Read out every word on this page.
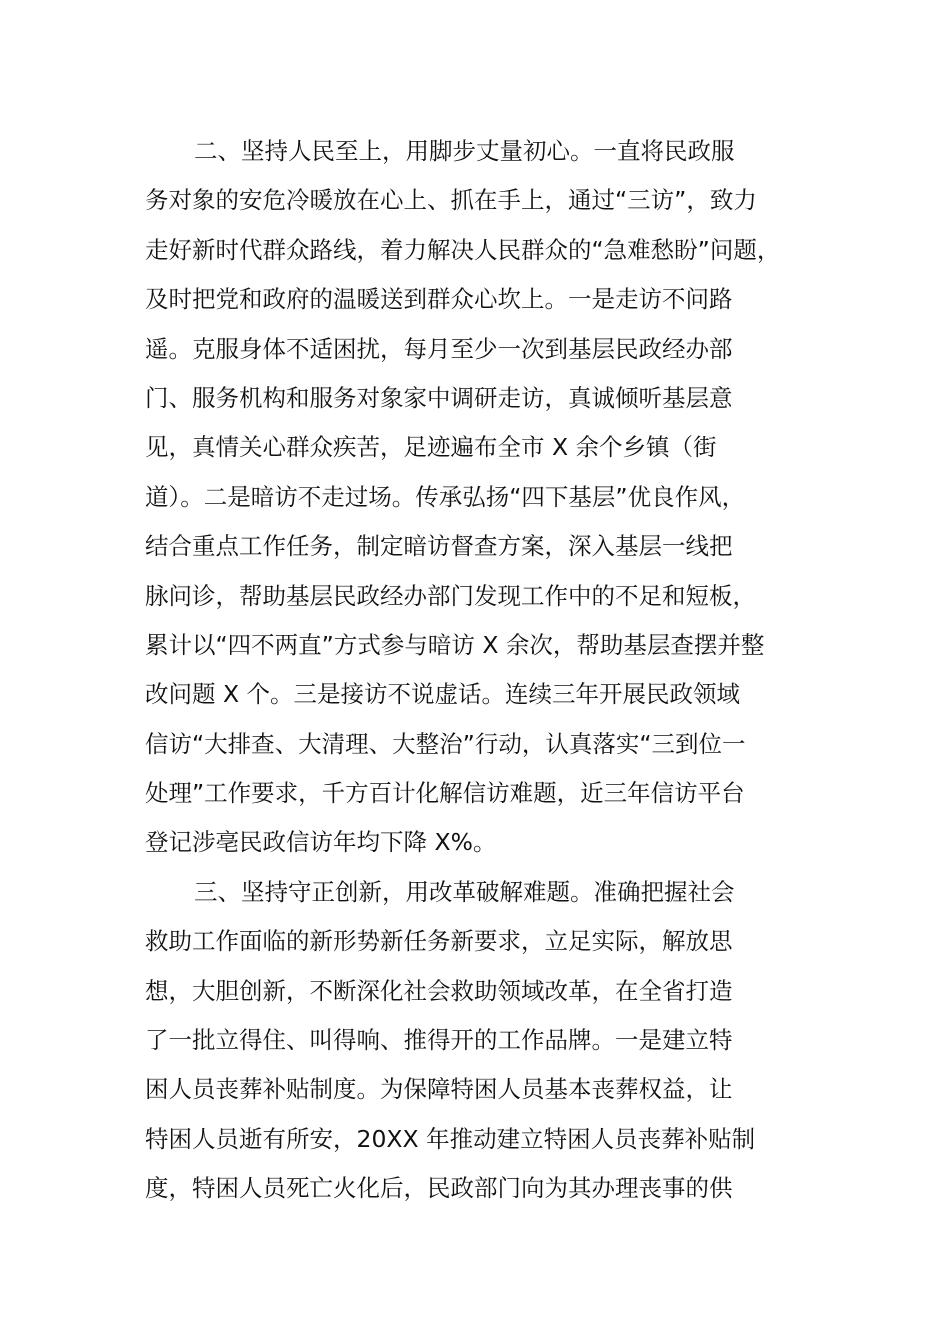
二、坚持人民至上，用脚步丈量初心。一直将民政服
务对象的安危冷暖放在心上、抓在手上，通过“三访”，致力
走好新时代群众路线，着力解决人民群众的“急难愁盼”问题，
及时把党和政府的温暖送到群众心坎上。一是走访不问路
遥。克服身体不适困扰，每月至少一次到基层民政经办部
门、服务机构和服务对象家中调研走访，真诚倾听基层意
见，真情关心群众疾苦，足迹遍布全市 X 余个乡镇（街
道）。二是暗访不走过场。传承弘扬“四下基层”优良作风，
结合重点工作任务，制定暗访督查方案，深入基层一线把
脉问诊，帮助基层民政经办部门发现工作中的不足和短板，
累计以“四不两直”方式参与暗访 X 余次，帮助基层查摆并整
改问题 X 个。三是接访不说虚话。连续三年开展民政领域
信访“大排查、大清理、大整治”行动，认真落实“三到位一
处理”工作要求，千方百计化解信访难题，近三年信访平台
登记涉亳民政信访年均下降 X%。
三、坚持守正创新，用改革破解难题。准确把握社会
救助工作面临的新形势新任务新要求，立足实际，解放思
想，大胆创新，不断深化社会救助领域改革，在全省打造
了一批立得住、叫得响、推得开的工作品牌。一是建立特
困人员丧葬补贴制度。为保障特困人员基本丧葬权益，让
特困人员逝有所安，20XX 年推动建立特困人员丧葬补贴制
度，特困人员死亡火化后，民政部门向为其办理丧事的供
